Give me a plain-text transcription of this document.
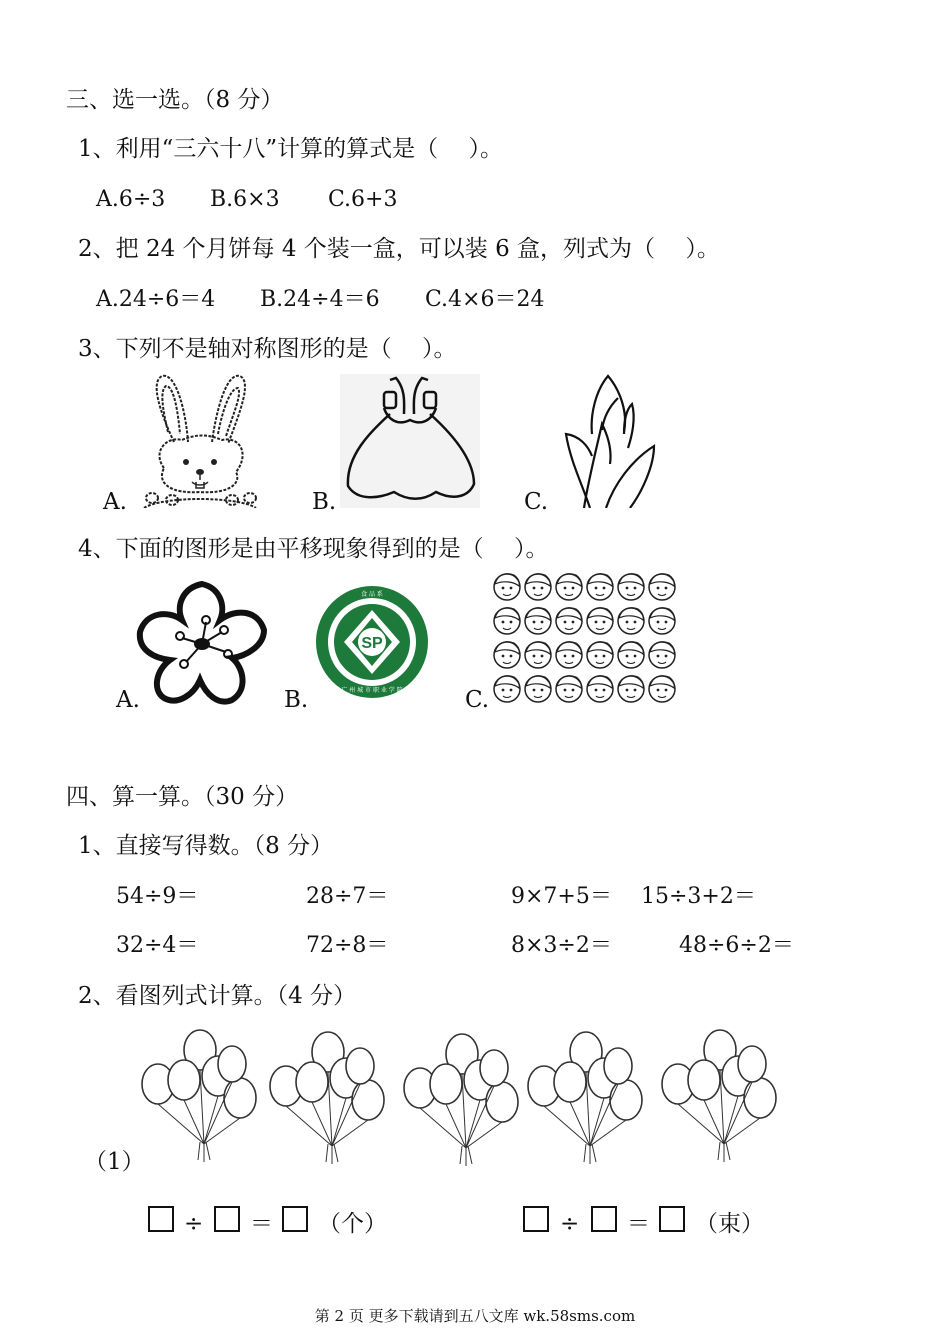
三、选一选。（8 分）
1、利用“三六十八”计算的算式是（　 ）。
A.6÷3 B.6×3 C.6+3
2、把 24 个月饼每 4 个装一盒，可以装 6 盒，列式为（　 ）。
A.24÷6＝4 B.24÷4＝6 C.4×6＝24
3、下列不是轴对称图形的是（　 ）。
A.	B.	C.
4、下面的图形是由平移现象得到的是（　 ）。
SP
食 品 系
广 州 城 市 职 业 学 院
A.	B.	C.
四、算一算。（30 分）
1、直接写得数。（8 分）
54÷9＝	28÷7＝	9×7+5＝ 15÷3+2＝
32÷4＝	72÷8＝	8×3÷2＝	48÷6÷2＝
2、看图列式计算。（4 分）
（1）
÷ ＝ （个）	÷ ＝ （束）
第 2 页 更多下载请到五八文库 wk.58sms.com
